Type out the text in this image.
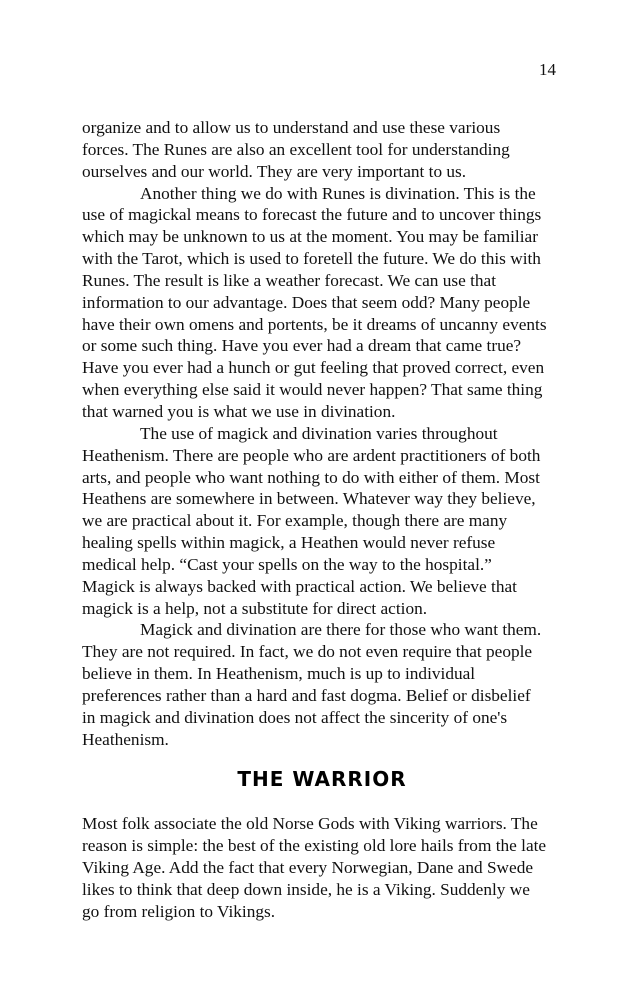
14
organize and to allow us to understand and use these various
forces. The Runes are also an excellent tool for understanding
ourselves and our world. They are very important to us.
Another thing we do with Runes is divination. This is the
use of magickal means to forecast the future and to uncover things
which may be unknown to us at the moment. You may be familiar
with the Tarot, which is used to foretell the future. We do this with
Runes. The result is like a weather forecast. We can use that
information to our advantage. Does that seem odd? Many people
have their own omens and portents, be it dreams of uncanny events
or some such thing. Have you ever had a dream that came true?
Have you ever had a hunch or gut feeling that proved correct, even
when everything else said it would never happen? That same thing
that warned you is what we use in divination.
The use of magick and divination varies throughout
Heathenism. There are people who are ardent practitioners of both
arts, and people who want nothing to do with either of them. Most
Heathens are somewhere in between. Whatever way they believe,
we are practical about it. For example, though there are many
healing spells within magick, a Heathen would never refuse
medical help. “Cast your spells on the way to the hospital.”
Magick is always backed with practical action. We believe that
magick is a help, not a substitute for direct action.
Magick and divination are there for those who want them.
They are not required. In fact, we do not even require that people
believe in them. In Heathenism, much is up to individual
preferences rather than a hard and fast dogma. Belief or disbelief
in magick and divination does not affect the sincerity of one's
Heathenism.
THE WARRIOR
Most folk associate the old Norse Gods with Viking warriors. The
reason is simple: the best of the existing old lore hails from the late
Viking Age. Add the fact that every Norwegian, Dane and Swede
likes to think that deep down inside, he is a Viking. Suddenly we
go from religion to Vikings.
